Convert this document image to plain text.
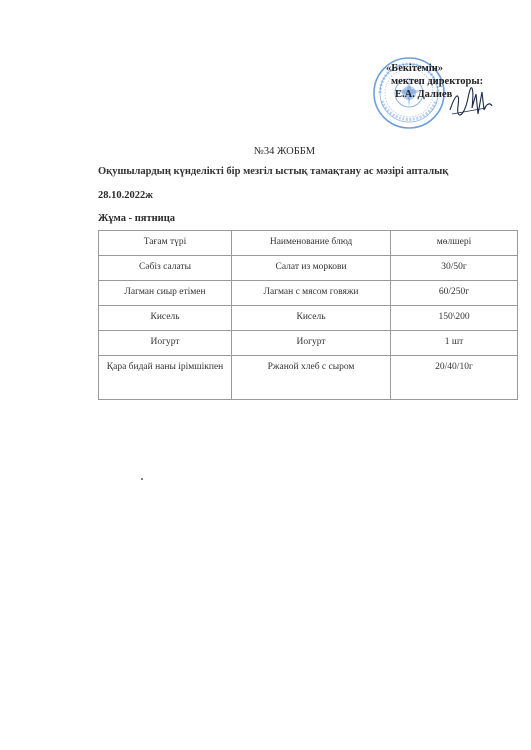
«Бекітемін»
мектеп директоры:
Е.А. Далиев
№34 ЖОББМ
Оқушылардың күнделікті бір мезгіл ыстық тамақтану ас мәзірі апталық
28.10.2022ж
Жұма - пятница
Тағам түрі	Наименование блюд	мөлшері
Сәбіз салаты	Салат из моркови	30/50г
Лагман сиыр етімен	Лагман с мясом говяжи	60/250г
Кисель	Кисель	150\200
Иогурт	Иогурт	1 шт
Қара бидай наны ірімшікпен	Ржаной хлеб с сыром	20/40/10г
